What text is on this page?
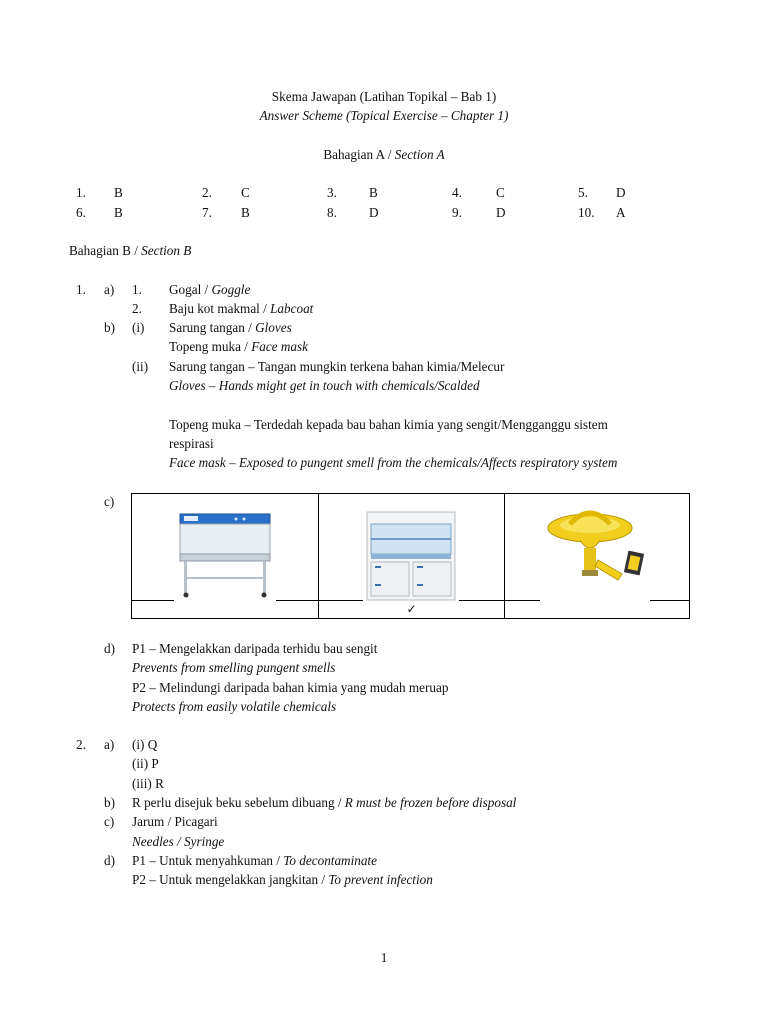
Skema Jawapan (Latihan Topikal – Bab 1)
Answer Scheme (Topical Exercise – Chapter 1)
Bahagian A / Section A
1. B	2. C	3. B	4.	C	5. D
6. B	7. B	8. D	9.	D	10. A
Bahagian B / Section B
1. a) 1. Gogal / Goggle
2. Baju kot makmal / Labcoat
b) (i) Sarung tangan / Gloves
Topeng muka / Face mask
(ii) Sarung tangan – Tangan mungkin terkena bahan kimia/Melecur
Gloves – Hands might get in touch with chemicals/Scalded
Topeng muka – Terdedah kepada bau bahan kimia yang sengit/Mengganggu sistem
respirasi
Face mask – Exposed to pungent smell from the chemicals/Affects respiratory system
c)
✓
d) P1 – Mengelakkan daripada terhidu bau sengit
Prevents from smelling pungent smells
P2 – Melindungi daripada bahan kimia yang mudah meruap
Protects from easily volatile chemicals
2. a) (i) Q
(ii) P
(iii) R
b) R perlu disejuk beku sebelum dibuang / R must be frozen before disposal
c) Jarum / Picagari
Needles / Syringe
d) P1 – Untuk menyahkuman / To decontaminate
P2 – Untuk mengelakkan jangkitan / To prevent infection
1
